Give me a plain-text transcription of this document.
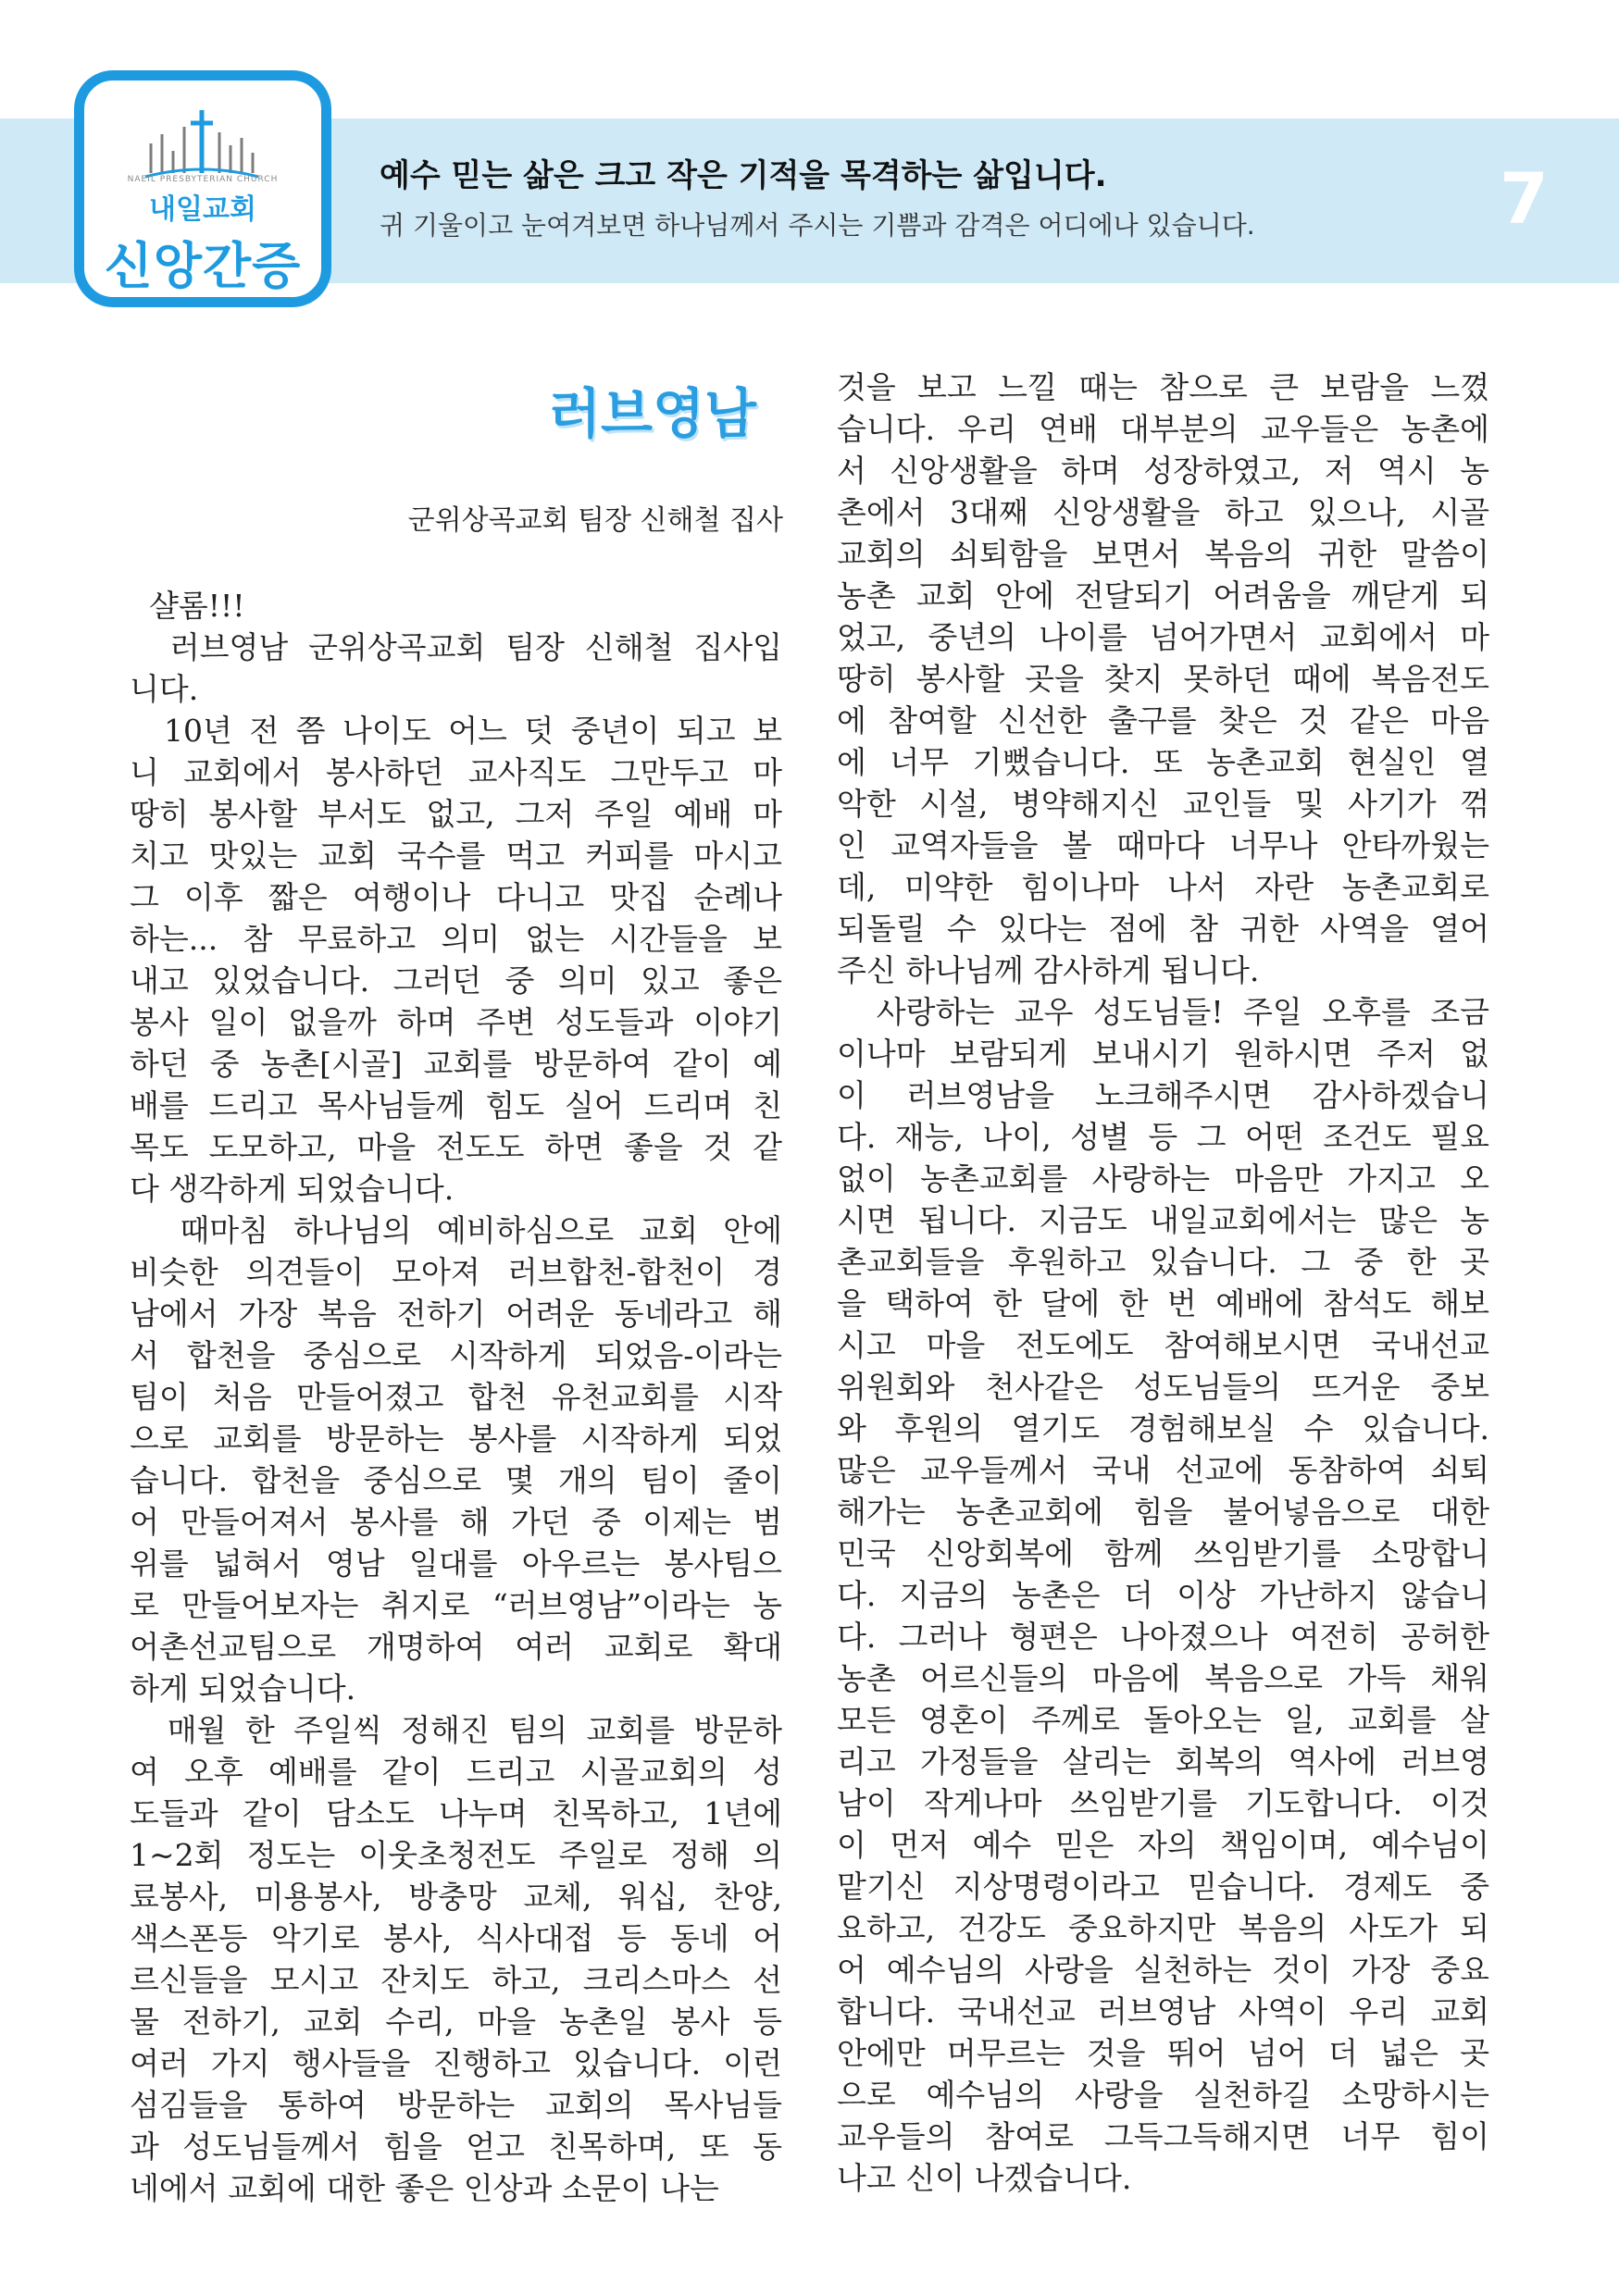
NAEIL PRESBYTERIAN CHURCH
내일교회
신앙간증
예수 믿는 삶은 크고 작은 기적을 목격하는 삶입니다.
귀 기울이고 눈여겨보면 하나님께서 주시는 기쁨과 감격은 어디에나 있습니다.	7
러브영남
군위상곡교회 팀장 신해철 집사
샬롬!!!
러브영남 군위상곡교회 팀장 신해철 집사입
니다.
10년 전 쯤 나이도 어느 덧 중년이 되고 보
니 교회에서 봉사하던 교사직도 그만두고 마
땅히 봉사할 부서도 없고, 그저 주일 예배 마
치고 맛있는 교회 국수를 먹고 커피를 마시고
그 이후 짧은 여행이나 다니고 맛집 순례나
하는... 참 무료하고 의미 없는 시간들을 보
내고 있었습니다. 그러던 중 의미 있고 좋은
봉사 일이 없을까 하며 주변 성도들과 이야기
하던 중 농촌[시골] 교회를 방문하여 같이 예
배를 드리고 목사님들께 힘도 실어 드리며 친
목도 도모하고, 마을 전도도 하면 좋을 것 같
다 생각하게 되었습니다.
때마침 하나님의 예비하심으로 교회 안에
비슷한 의견들이 모아져 러브합천-합천이 경
남에서 가장 복음 전하기 어려운 동네라고 해
서 합천을 중심으로 시작하게 되었음-이라는
팀이 처음 만들어졌고 합천 유천교회를 시작
으로 교회를 방문하는 봉사를 시작하게 되었
습니다. 합천을 중심으로 몇 개의 팀이 줄이
어 만들어져서 봉사를 해 가던 중 이제는 범
위를 넓혀서 영남 일대를 아우르는 봉사팀으
로 만들어보자는 취지로 “러브영남”이라는 농
어촌선교팀으로 개명하여 여러 교회로 확대
하게 되었습니다.
매월 한 주일씩 정해진 팀의 교회를 방문하
여 오후 예배를 같이 드리고 시골교회의 성
도들과 같이 담소도 나누며 친목하고, 1년에
1~2회 정도는 이웃초청전도 주일로 정해 의
료봉사, 미용봉사, 방충망 교체, 워십, 찬양,
색스폰등 악기로 봉사, 식사대접 등 동네 어
르신들을 모시고 잔치도 하고, 크리스마스 선
물 전하기, 교회 수리, 마을 농촌일 봉사 등
여러 가지 행사들을 진행하고 있습니다. 이런
섬김들을 통하여 방문하는 교회의 목사님들
과 성도님들께서 힘을 얻고 친목하며, 또 동
네에서 교회에 대한 좋은 인상과 소문이 나는
것을 보고 느낄 때는 참으로 큰 보람을 느꼈
습니다. 우리 연배 대부분의 교우들은 농촌에
서 신앙생활을 하며 성장하였고, 저 역시 농
촌에서 3대째 신앙생활을 하고 있으나, 시골
교회의 쇠퇴함을 보면서 복음의 귀한 말씀이
농촌 교회 안에 전달되기 어려움을 깨닫게 되
었고, 중년의 나이를 넘어가면서 교회에서 마
땅히 봉사할 곳을 찾지 못하던 때에 복음전도
에 참여할 신선한 출구를 찾은 것 같은 마음
에 너무 기뻤습니다. 또 농촌교회 현실인 열
악한 시설, 병약해지신 교인들 및 사기가 꺾
인 교역자들을 볼 때마다 너무나 안타까웠는
데, 미약한 힘이나마 나서 자란 농촌교회로
되돌릴 수 있다는 점에 참 귀한 사역을 열어
주신 하나님께 감사하게 됩니다.
사랑하는 교우 성도님들! 주일 오후를 조금
이나마 보람되게 보내시기 원하시면 주저 없
이 러브영남을 노크해주시면 감사하겠습니
다. 재능, 나이, 성별 등 그 어떤 조건도 필요
없이 농촌교회를 사랑하는 마음만 가지고 오
시면 됩니다. 지금도 내일교회에서는 많은 농
촌교회들을 후원하고 있습니다. 그 중 한 곳
을 택하여 한 달에 한 번 예배에 참석도 해보
시고 마을 전도에도 참여해보시면 국내선교
위원회와 천사같은 성도님들의 뜨거운 중보
와 후원의 열기도 경험해보실 수 있습니다.
많은 교우들께서 국내 선교에 동참하여 쇠퇴
해가는 농촌교회에 힘을 불어넣음으로 대한
민국 신앙회복에 함께 쓰임받기를 소망합니
다. 지금의 농촌은 더 이상 가난하지 않습니
다. 그러나 형편은 나아졌으나 여전히 공허한
농촌 어르신들의 마음에 복음으로 가득 채워
모든 영혼이 주께로 돌아오는 일, 교회를 살
리고 가정들을 살리는 회복의 역사에 러브영
남이 작게나마 쓰임받기를 기도합니다. 이것
이 먼저 예수 믿은 자의 책임이며, 예수님이
맡기신 지상명령이라고 믿습니다. 경제도 중
요하고, 건강도 중요하지만 복음의 사도가 되
어 예수님의 사랑을 실천하는 것이 가장 중요
합니다. 국내선교 러브영남 사역이 우리 교회
안에만 머무르는 것을 뛰어 넘어 더 넓은 곳
으로 예수님의 사랑을 실천하길 소망하시는
교우들의 참여로 그득그득해지면 너무 힘이
나고 신이 나겠습니다.
